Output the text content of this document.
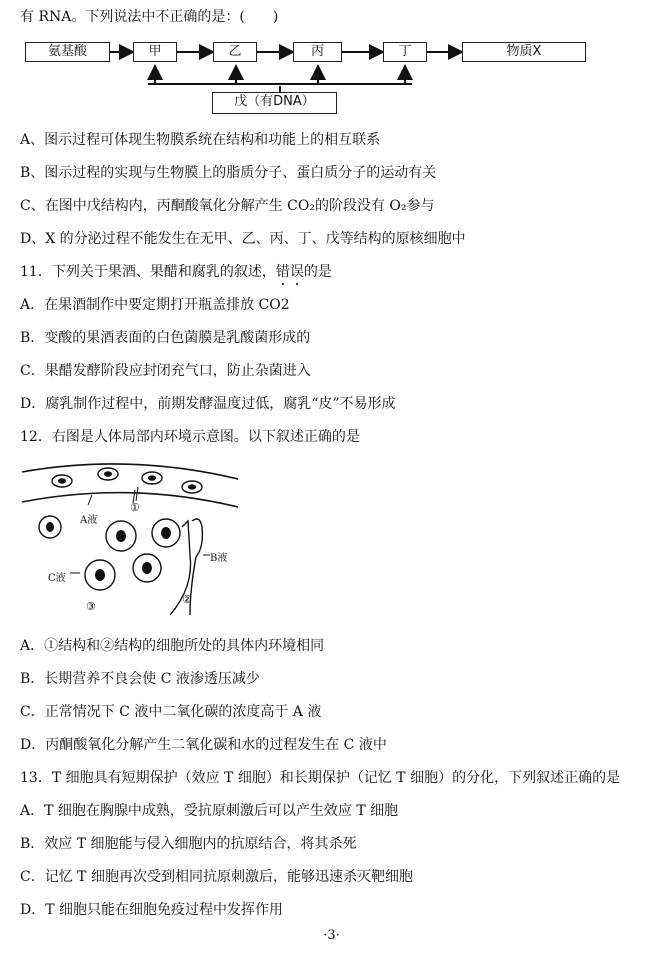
有 RNA。下列说法中不正确的是：(　　)
氨基酸	甲	乙	丙	丁	物质X
戊（有DNA）
A、图示过程可体现生物膜系统在结构和功能上的相互联系
B、图示过程的实现与生物膜上的脂质分子、蛋白质分子的运动有关
C、在图中戊结构内，丙酮酸氧化分解产生 CO₂的阶段没有 O₂参与
D、X 的分泌过程不能发生在无甲、乙、丙、丁、戊等结构的原核细胞中
11．下列关于果酒、果醋和腐乳的叙述，错误的是
A．在果酒制作中要定期打开瓶盖排放 CO2
B．变酸的果酒表面的白色菌膜是乳酸菌形成的
C．果醋发酵阶段应封闭充气口，防止杂菌进入
D．腐乳制作过程中，前期发酵温度过低，腐乳“皮”不易形成
12．右图是人体局部内环境示意图。以下叙述正确的是
A液
B液
C液
①
②
③
A．①结构和②结构的细胞所处的具体内环境相同
B．长期营养不良会使 C 液渗透压减少
C．正常情况下 C 液中二氧化碳的浓度高于 A 液
D．丙酮酸氧化分解产生二氧化碳和水的过程发生在 C 液中
13．T 细胞具有短期保护（效应 T 细胞）和长期保护（记忆 T 细胞）的分化，下列叙述正确的是
A．T 细胞在胸腺中成熟，受抗原刺激后可以产生效应 T 细胞
B．效应 T 细胞能与侵入细胞内的抗原结合，将其杀死
C．记忆 T 细胞再次受到相同抗原刺激后，能够迅速杀灭靶细胞
D．T 细胞只能在细胞免疫过程中发挥作用
·3·
